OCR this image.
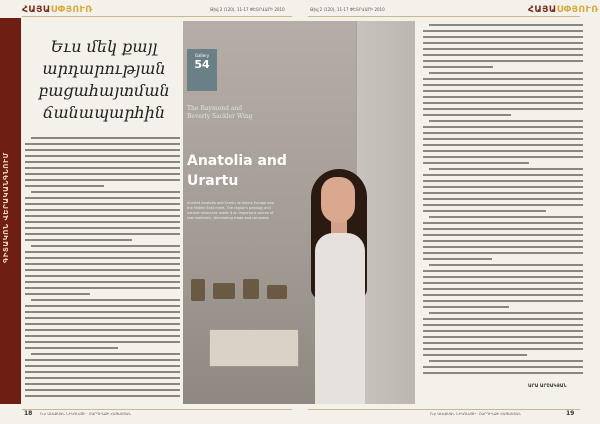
ՀԱՅԱՍՓՅՈՒՌ	Թիվ 2 (120), 11-17 ՓԵՏՐՎԱՐԻ 2010	Թիվ 2 (120), 11-17 ՓԵՏՐՎԱՐԻ 2010	ՀԱՅԱՍՓՅՈՒՌ
ԳԻՏԱԿՈՆ ՎԵՐԱԿԱՆԳՆՈՒՄ
Եւս մեկ քայլ
արդարության
բացահայտման
ճանապարհին
Gallery
54
The Raymond and Beverly Sackler Wing
Anatolia and Urartu
Ancient Anatolia and Urartu lie where Europe and the Middle East meet. The region's geology and natural resources made it an important source of raw materials, stimulating trade and conquest.
ԱՐԱ ԱՐՇԱԿՅԱՆ
18 Ռ-ր ԱԼԵՔՍԱՆ ՆԻԿՈԼԱՅԻ · ԲԱՐԴԻՆՔԻ ՀԱՅԱՍՏԱՆ	Ռ-ր ԱԼԵՔՍԱՆ ՆԻԿՈԼԱՅԻ · ԲԱՐԴԻՆՔԻ ՀԱՅԱՍՏԱՆ	19
